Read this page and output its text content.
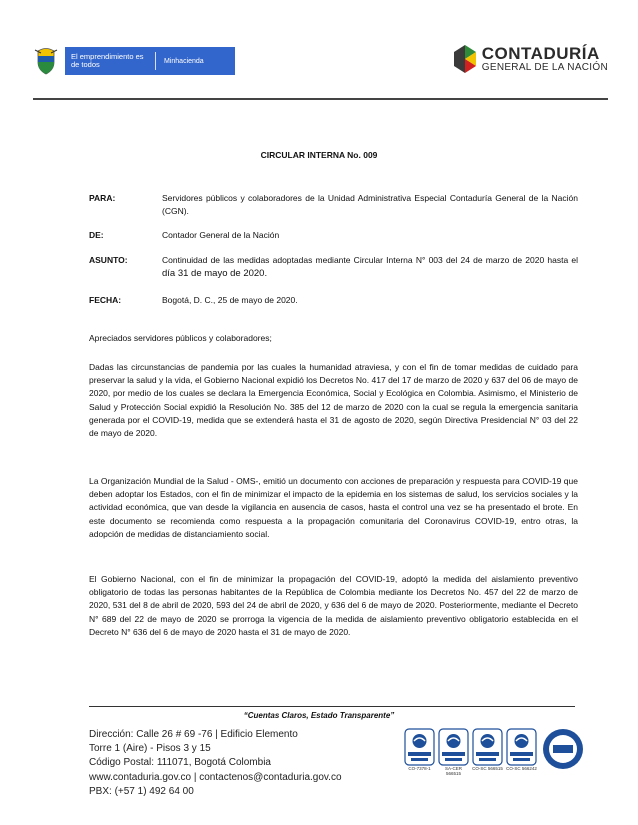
El emprendimiento es de todos	Minhacienda	CONTADURÍA
GENERAL DE LA NACIÓN
CIRCULAR INTERNA No. 009
PARA:	Servidores públicos y colaboradores de la Unidad Administrativa Especial Contaduría General de la Nación (CGN).
DE:	Contador General de la Nación
ASUNTO:	Continuidad de las medidas adoptadas mediante Circular Interna N° 003 del 24 de marzo de 2020 hasta el día 31 de mayo de 2020.
FECHA:	Bogotá, D. C., 25 de mayo de 2020.
Apreciados servidores públicos y colaboradores;
Dadas las circunstancias de pandemia por las cuales la humanidad atraviesa, y con el fin de tomar medidas de cuidado para preservar la salud y la vida, el Gobierno Nacional expidió los Decretos No. 417 del 17 de marzo de 2020 y 637 del 06 de mayo de 2020, por medio de los cuales se declara la Emergencia Económica, Social y Ecológica en Colombia. Asimismo, el Ministerio de Salud y Protección Social expidió la Resolución No. 385 del 12 de marzo de 2020 con la cual se regula la emergencia sanitaria generada por el COVID-19, medida que se extenderá hasta el 31 de agosto de 2020, según Directiva Presidencial N° 03 del 22 de mayo de 2020.
La Organización Mundial de la Salud - OMS-, emitió un documento con acciones de preparación y respuesta para COVID-19 que deben adoptar los Estados, con el fin de minimizar el impacto de la epidemia en los sistemas de salud, los servicios sociales y la actividad económica, que van desde la vigilancia en ausencia de casos, hasta el control una vez se ha presentado el brote. En este documento se recomienda como respuesta a la propagación comunitaria del Coronavirus COVID-19, entro otras, la adopción de medidas de distanciamiento social.
El Gobierno Nacional, con el fin de minimizar la propagación del COVID-19, adoptó la medida del aislamiento preventivo obligatorio de todas las personas habitantes de la República de Colombia mediante los Decretos No. 457 del 22 de marzo de 2020, 531 del 8 de abril de 2020, 593 del 24 de abril de 2020, y 636 del 6 de mayo de 2020. Posteriormente, mediante el Decreto N° 689 del 22 de mayo de 2020 se prorroga la vigencia de la medida de aislamiento preventivo obligatorio establecida en el Decreto N° 636 del 6 de mayo de 2020 hasta el 31 de mayo de 2020.
“Cuentas Claros, Estado Transparente”
Dirección: Calle 26 # 69 -76 | Edificio Elemento
Torre 1 (Aire) - Pisos 3 y 15
Código Postal: 111071, Bogotá Colombia
www.contaduria.gov.co | contactenos@contaduria.gov.co
PBX: (+57 1) 492 64 00
CO-7378-1	SA-CER 566515
CO-SC 566515 CO-SC 566242
